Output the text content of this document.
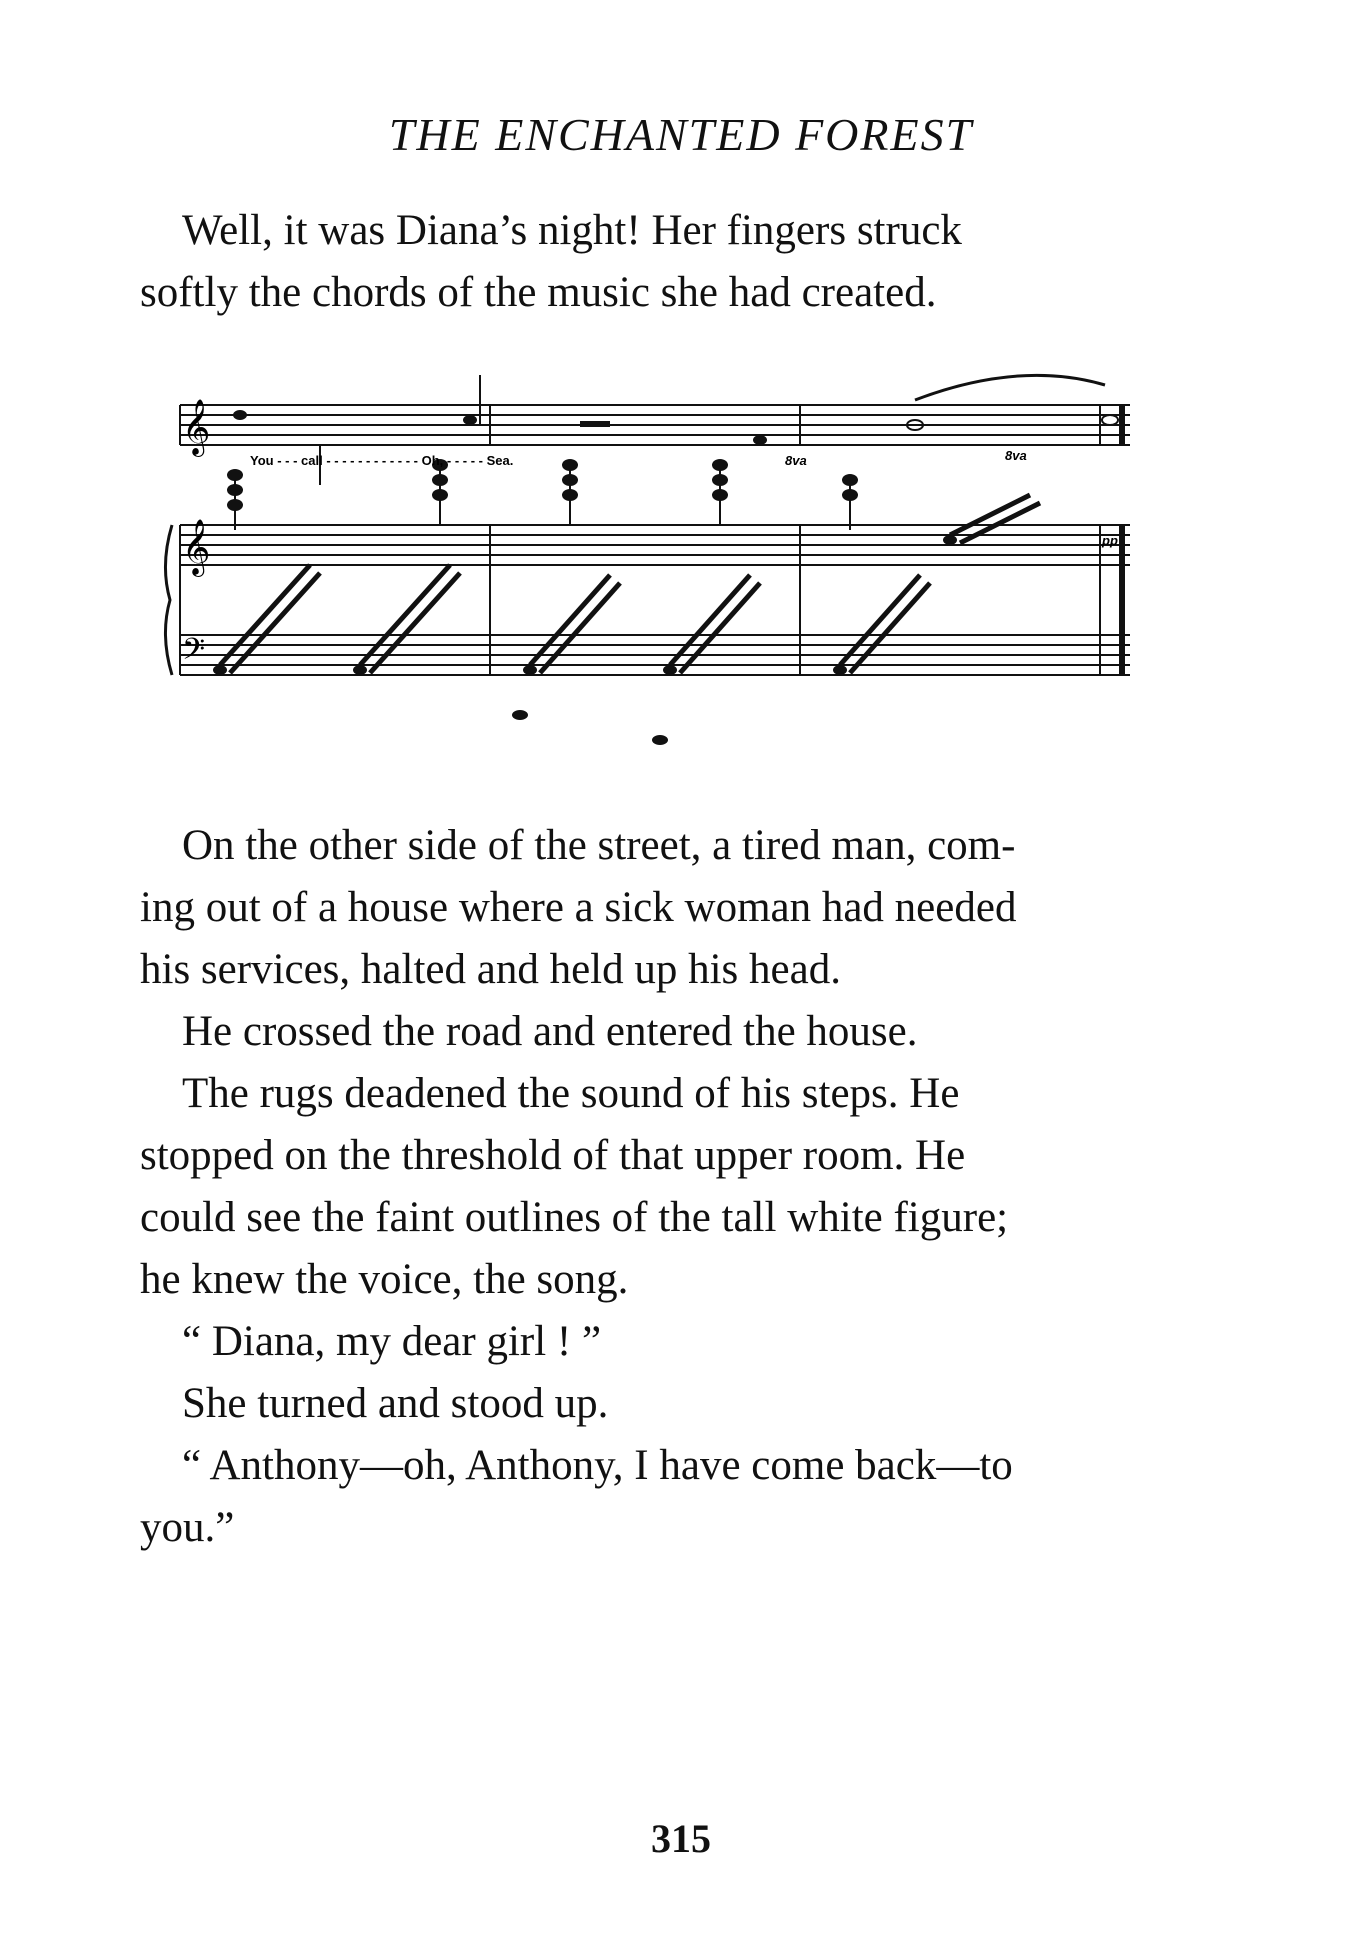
THE ENCHANTED FOREST
Well, it was Diana’s night! Her fingers struck
softly the chords of the music she had created.
𝄞
𝄞
𝄢
You - - - call - - - - - - - - - - - - Oh, - - - - - Sea.	8va	8va
pp
On the other side of the street, a tired man, com-
ing out of a house where a sick woman had needed
his services, halted and held up his head.
He crossed the road and entered the house.
The rugs deadened the sound of his steps. He
stopped on the threshold of that upper room. He
could see the faint outlines of the tall white figure;
he knew the voice, the song.
“ Diana, my dear girl ! ”
She turned and stood up.
“ Anthony—oh, Anthony, I have come back—to
you.”
315
